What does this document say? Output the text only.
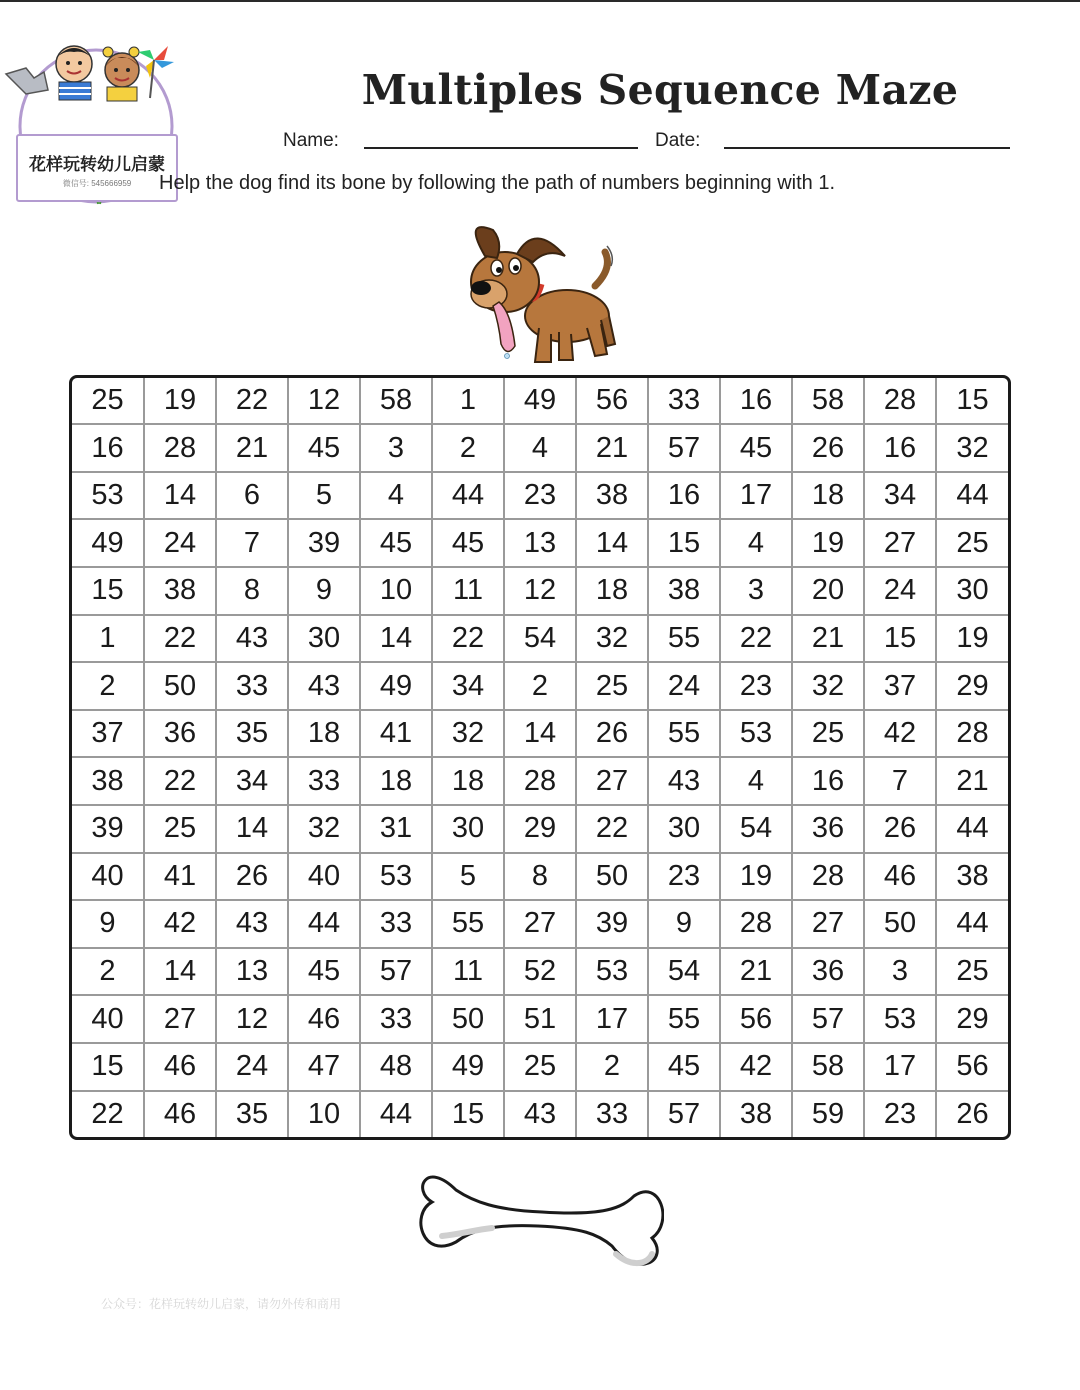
花样玩转幼儿启蒙
微信号: 545666959
Multiples Sequence Maze
Name:	Date:
Help the dog find its bone by following the path of numbers beginning with 1.
25	19	22	12	58	1	49	56	33	16	58	28	15
16	28	21	45	3	2	4	21	57	45	26	16	32
53	14	6	5	4	44	23	38	16	17	18	34	44
49	24	7	39	45	45	13	14	15	4	19	27	25
15	38	8	9	10	11	12	18	38	3	20	24	30
1	22	43	30	14	22	54	32	55	22	21	15	19
2	50	33	43	49	34	2	25	24	23	32	37	29
37	36	35	18	41	32	14	26	55	53	25	42	28
38	22	34	33	18	18	28	27	43	4	16	7	21
39	25	14	32	31	30	29	22	30	54	36	26	44
40	41	26	40	53	5	8	50	23	19	28	46	38
9	42	43	44	33	55	27	39	9	28	27	50	44
2	14	13	45	57	11	52	53	54	21	36	3	25
40	27	12	46	33	50	51	17	55	56	57	53	29
15	46	24	47	48	49	25	2	45	42	58	17	56
22	46	35	10	44	15	43	33	57	38	59	23	26
公众号：花样玩转幼儿启蒙，请勿外传和商用
